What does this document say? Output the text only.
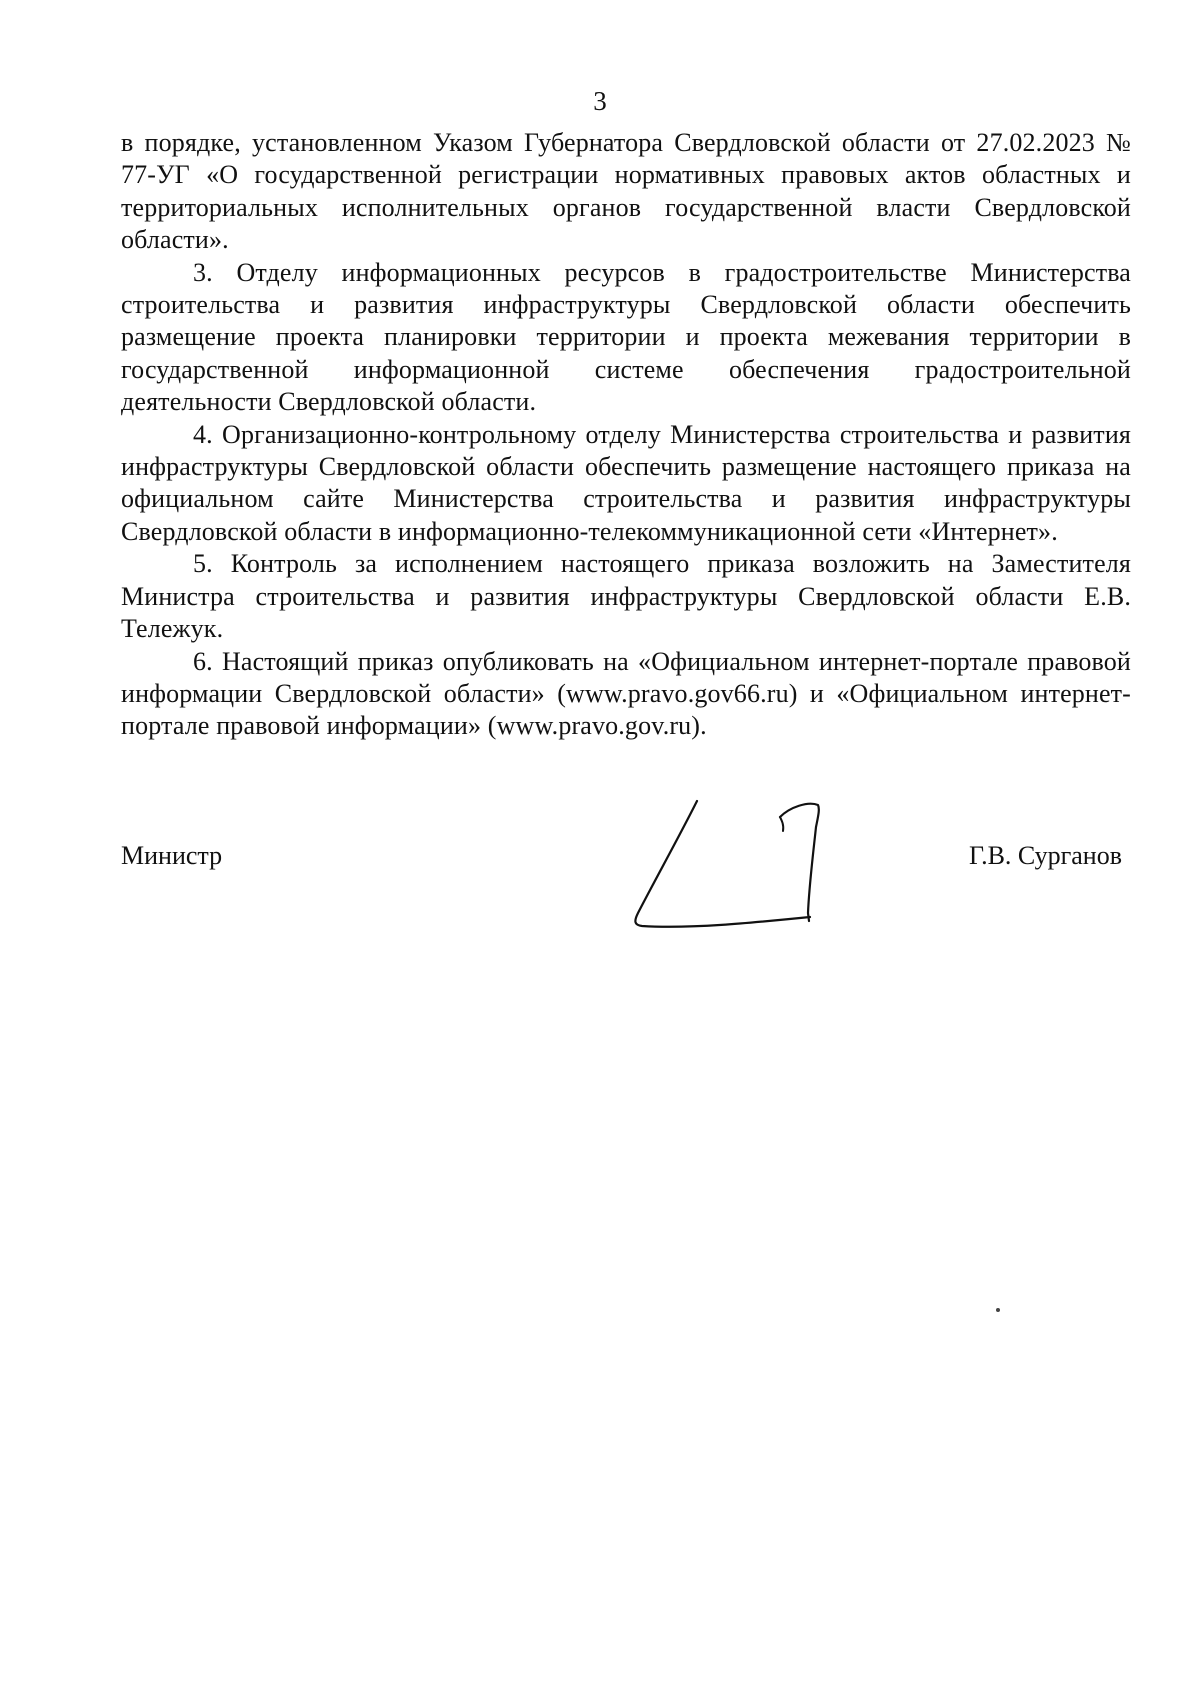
3

в порядке, установленном Указом Губернатора Свердловской области от 27.02.2023 № 77-УГ «О государственной регистрации нормативных правовых актов областных и территориальных исполнительных органов государственной власти Свердловской области».

3. Отделу информационных ресурсов в градостроительстве Министерства строительства и развития инфраструктуры Свердловской области обеспечить размещение проекта планировки территории и проекта межевания территории в государственной информационной системе обеспечения градостроительной деятельности Свердловской области.

4. Организационно-контрольному отделу Министерства строительства и развития инфраструктуры Свердловской области обеспечить размещение настоящего приказа на официальном сайте Министерства строительства и развития инфраструктуры Свердловской области в информационно-телекоммуникационной сети «Интернет».

5. Контроль за исполнением настоящего приказа возложить на Заместителя Министра строительства и развития инфраструктуры Свердловской области Е.В. Тележук.

6. Настоящий приказ опубликовать на «Официальном интернет-портале правовой информации Свердловской области» (www.pravo.gov66.ru) и «Официальном интернет-портале правовой информации» (www.pravo.gov.ru).

Министр	Г.В. Сурганов
